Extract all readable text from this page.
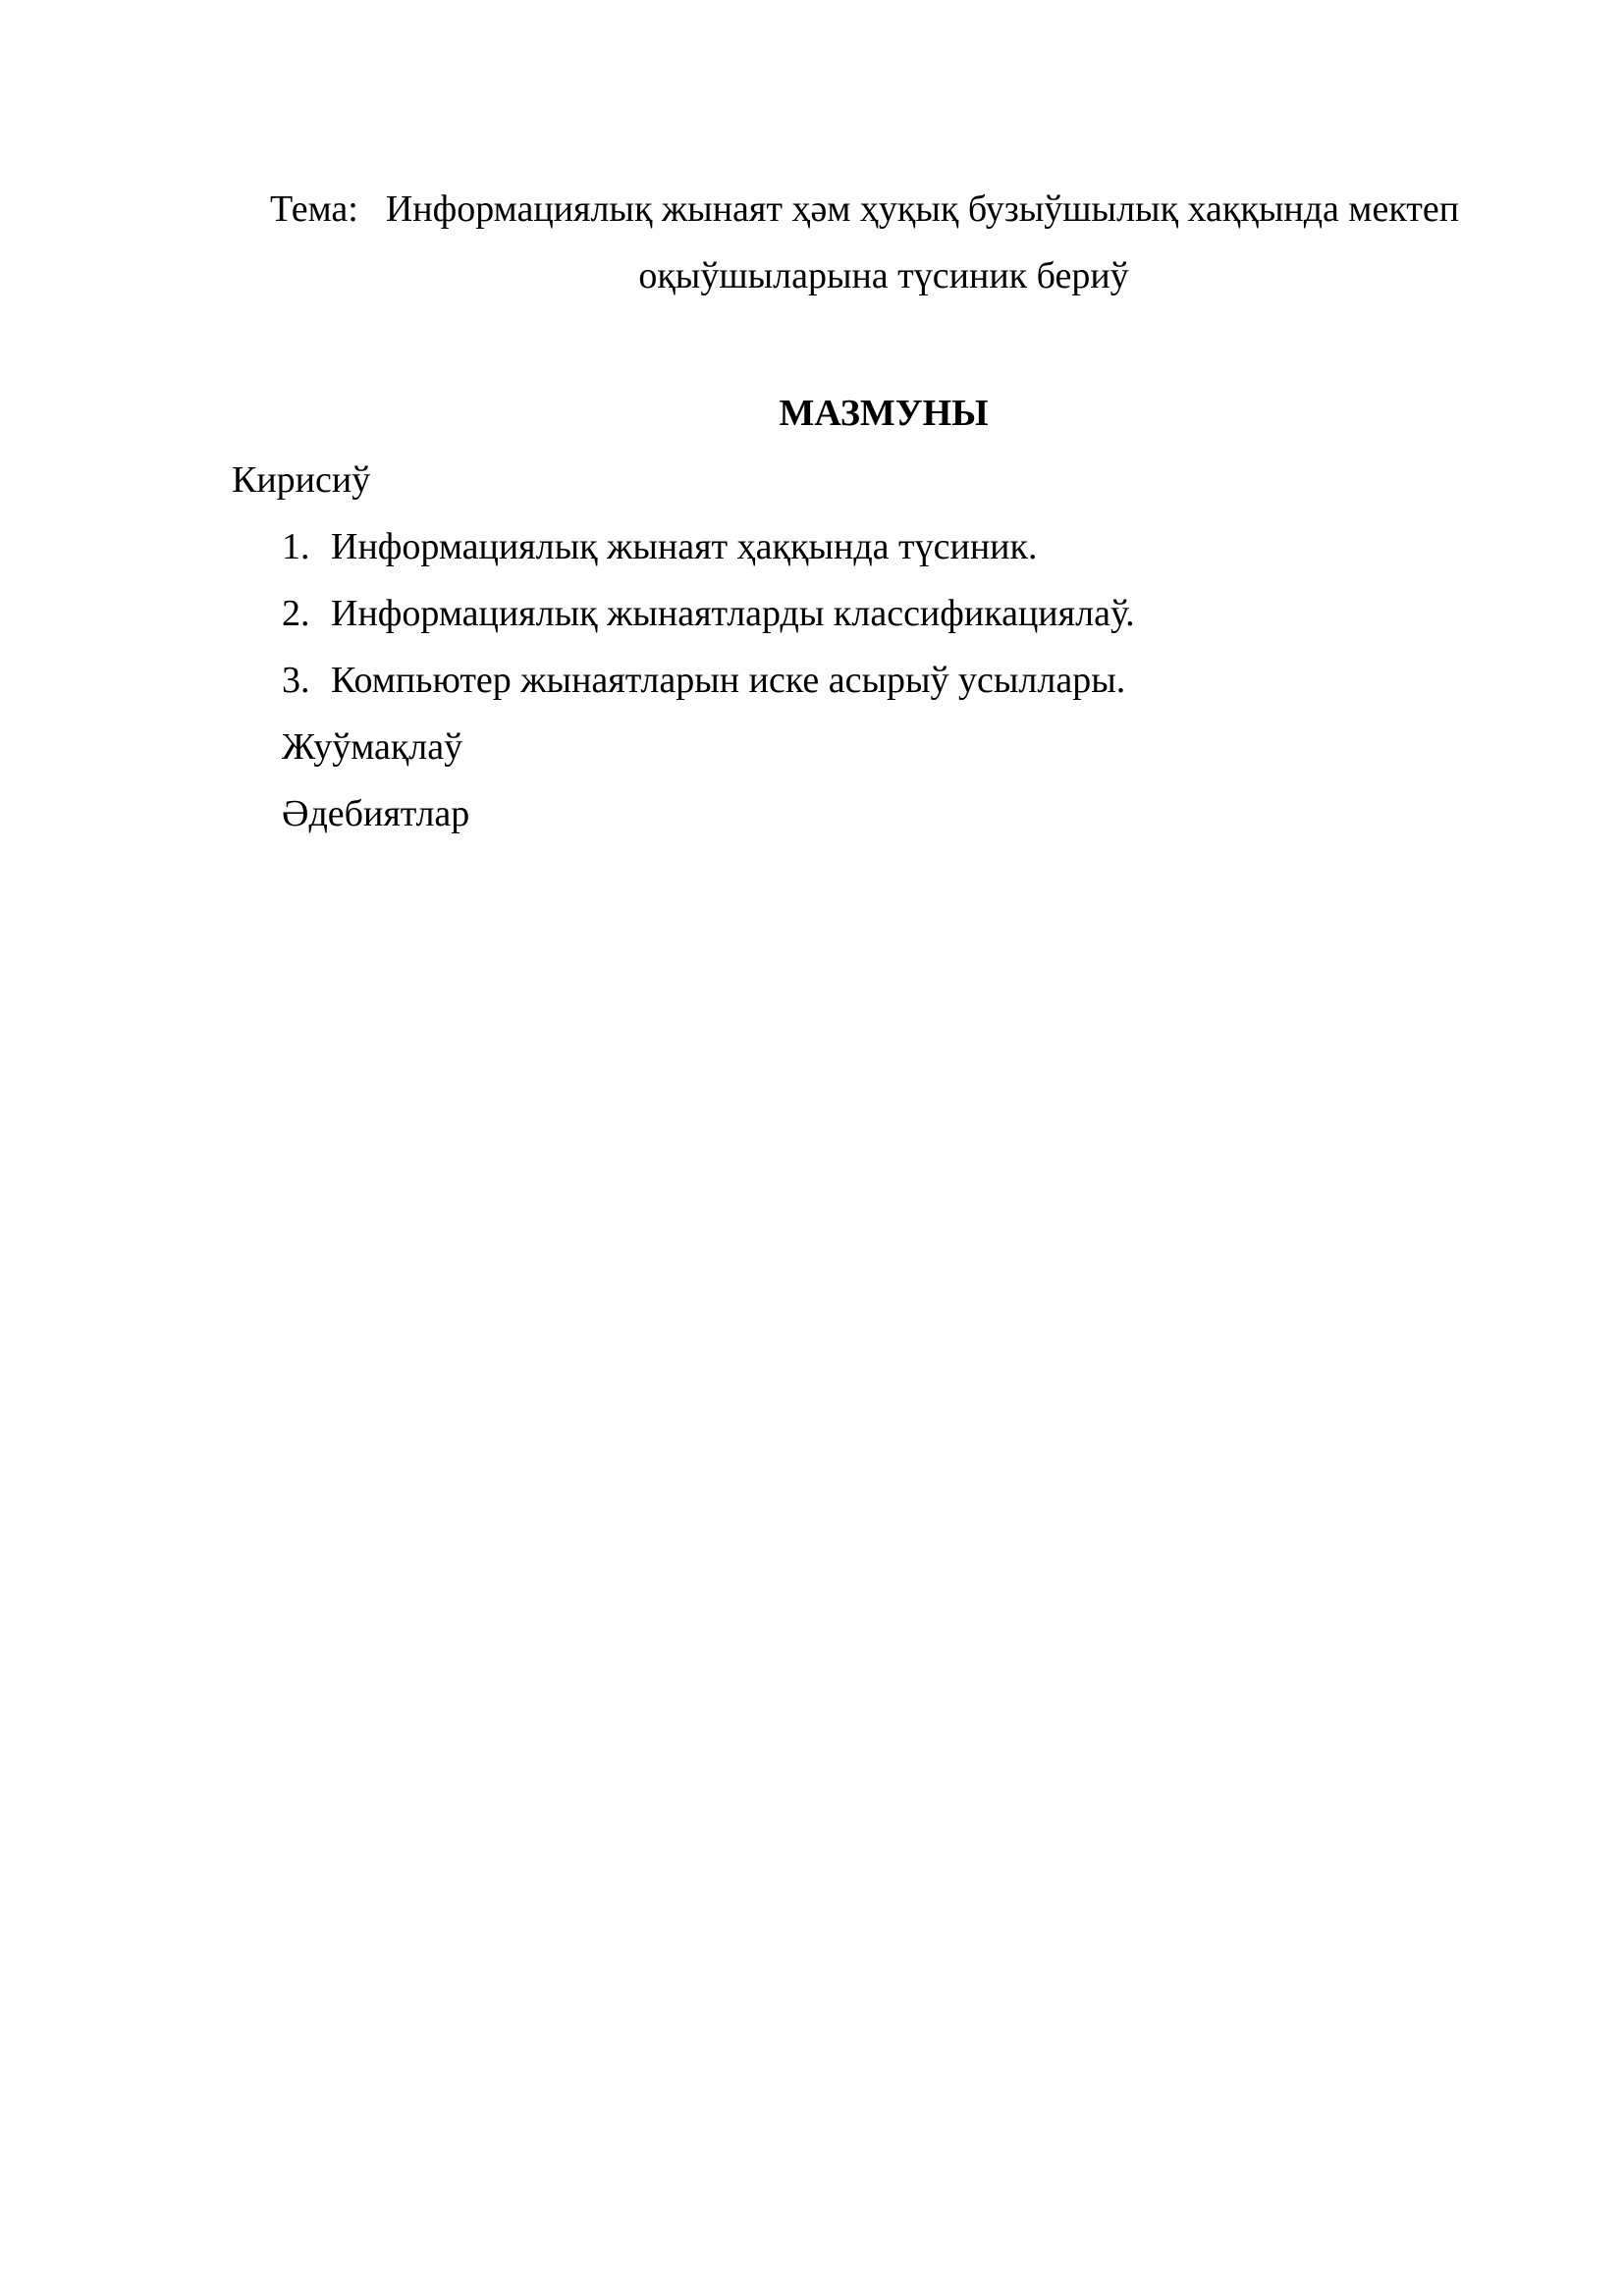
Тема: Информациялық жынаят ҳәм ҳуқық бузыўшылық хаққында мектеп
оқыўшыларына түсиник бериў
МАЗМУНЫ
Кирисиў
1. Информациялық жынаят ҳаққында түсиник.
2. Информациялық жынаятларды классификациялаў.
3. Компьютер жынаятларын иске асырыў усыллары.
Жуўмақлаў
Әдебиятлар
